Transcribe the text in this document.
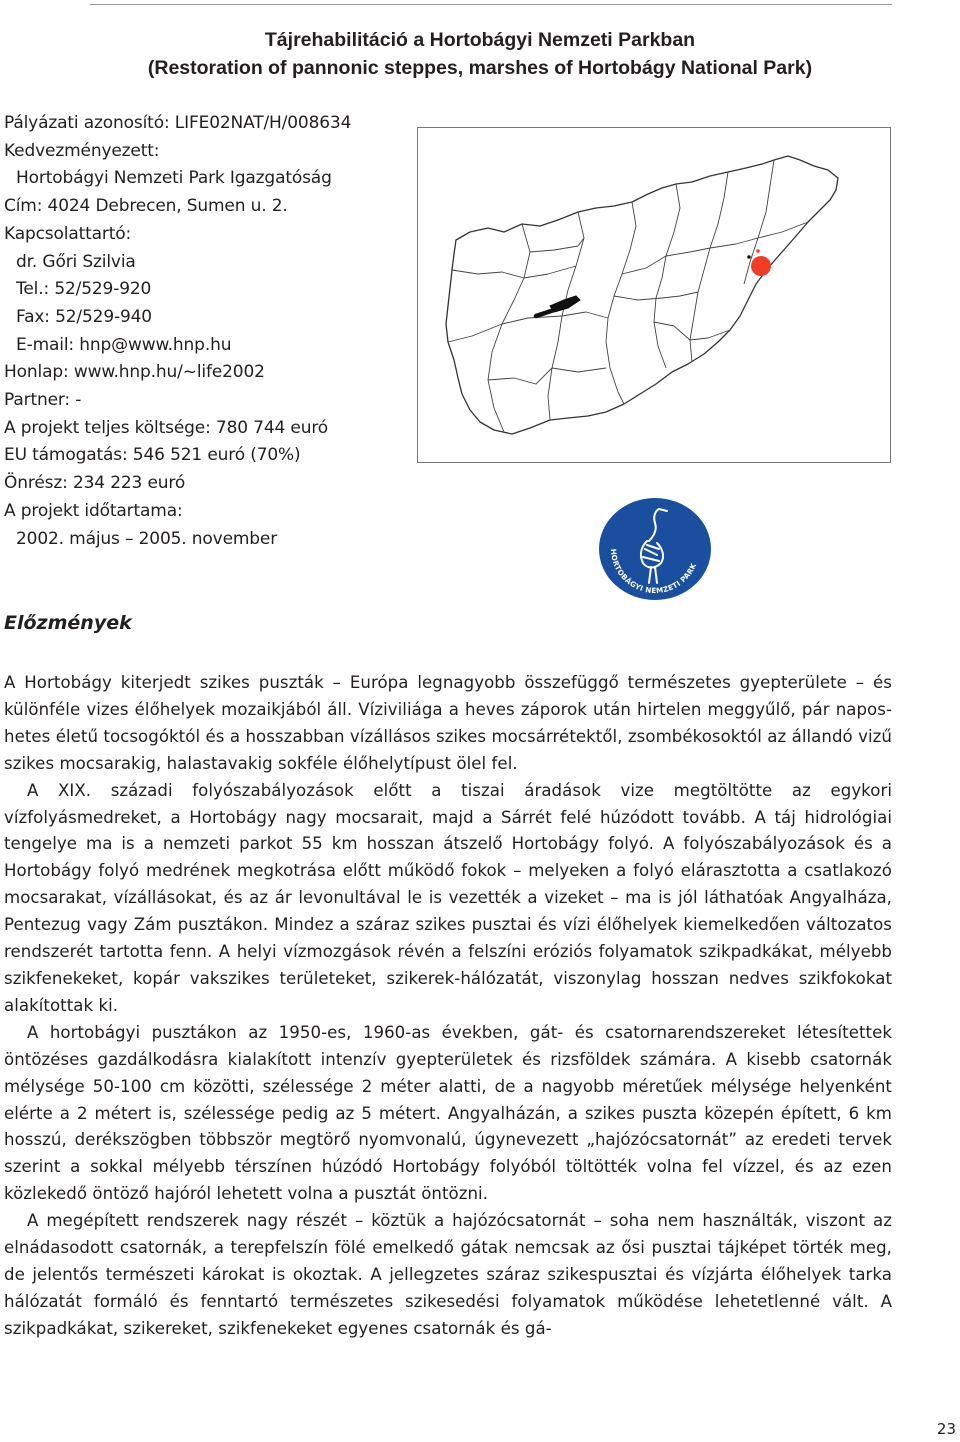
Tájrehabilitáció a Hortobágyi Nemzeti Parkban
(Restoration of pannonic steppes, marshes of Hortobágy National Park)
Pályázati azonosító: LIFE02NAT/H/008634
Kedvezményezett:
Hortobágyi Nemzeti Park Igazgatóság
Cím: 4024 Debrecen, Sumen u. 2.
Kapcsolattartó:
dr. Gőri Szilvia
Tel.: 52/529-920
Fax: 52/529-940
E-mail: hnp@www.hnp.hu
Honlap: www.hnp.hu/~life2002
Partner: -
A projekt teljes költsége: 780 744 euró
EU támogatás: 546 521 euró (70%)
Önrész: 234 223 euró
A projekt időtartama:
2002. május – 2005. november
HORTOBÁGYI NEMZETI PARK
Előzmények

A Hortobágy kiterjedt szikes puszták – Európa legnagyobb összefüggő természetes gyepterülete – és különféle vizes élőhelyek mozaikjából áll. Víziviliága a heves záporok után hirtelen meggyűlő, pár napos-hetes életű tocsogóktól és a hosszabban vízállásos szikes mocsárrétektől, zsombékosoktól az állandó vizű szikes mocsarakig, halastavakig sokféle élőhelytípust ölel fel.

A XIX. századi folyószabályozások előtt a tiszai áradások vize megtöltötte az egykori vízfolyásmedreket, a Hortobágy nagy mocsarait, majd a Sárrét felé húzódott tovább. A táj hidrológiai tengelye ma is a nemzeti parkot 55 km hosszan átszelő Hortobágy folyó. A folyószabályozások és a Hortobágy folyó medrének megkotrása előtt működő fokok – melyeken a folyó elárasztotta a csatlakozó mocsarakat, vízállásokat, és az ár levonultával le is vezették a vizeket – ma is jól láthatóak Angyalháza, Pentezug vagy Zám pusztákon. Mindez a száraz szikes pusztai és vízi élőhelyek kiemelkedően változatos rendszerét tartotta fenn. A helyi vízmozgások révén a felszíni eróziós folyamatok szikpadkákat, mélyebb szikfenekeket, kopár vakszikes területeket, szikerek-hálózatát, viszonylag hosszan nedves szikfokokat alakítottak ki.

A hortobágyi pusztákon az 1950-es, 1960-as években, gát- és csatornarendszereket létesítettek öntözéses gazdálkodásra kialakított intenzív gyepterületek és rizsföldek számára. A kisebb csatornák mélysége 50-100 cm közötti, szélessége 2 méter alatti, de a nagyobb méretűek mélysége helyenként elérte a 2 métert is, szélessége pedig az 5 métert. Angyalházán, a szikes puszta közepén épített, 6 km hosszú, derékszögben többször megtörő nyomvonalú, úgynevezett „hajózócsatornát” az eredeti tervek szerint a sokkal mélyebb térszínen húzódó Hortobágy folyóból töltötték volna fel vízzel, és az ezen közlekedő öntöző hajóról lehetett volna a pusztát öntözni.

A megépített rendszerek nagy részét – köztük a hajózócsatornát – soha nem használták, viszont az elnádasodott csatornák, a terepfelszín fölé emelkedő gátak nemcsak az ősi pusztai tájképet törték meg, de jelentős természeti károkat is okoztak. A jellegzetes száraz szikespusztai és vízjárta élőhelyek tarka hálózatát formáló és fenntartó természetes szikesedési folyamatok működése lehetetlenné vált. A szikpadkákat, szikereket, szikfenekeket egyenes csatornák és gá-

23
